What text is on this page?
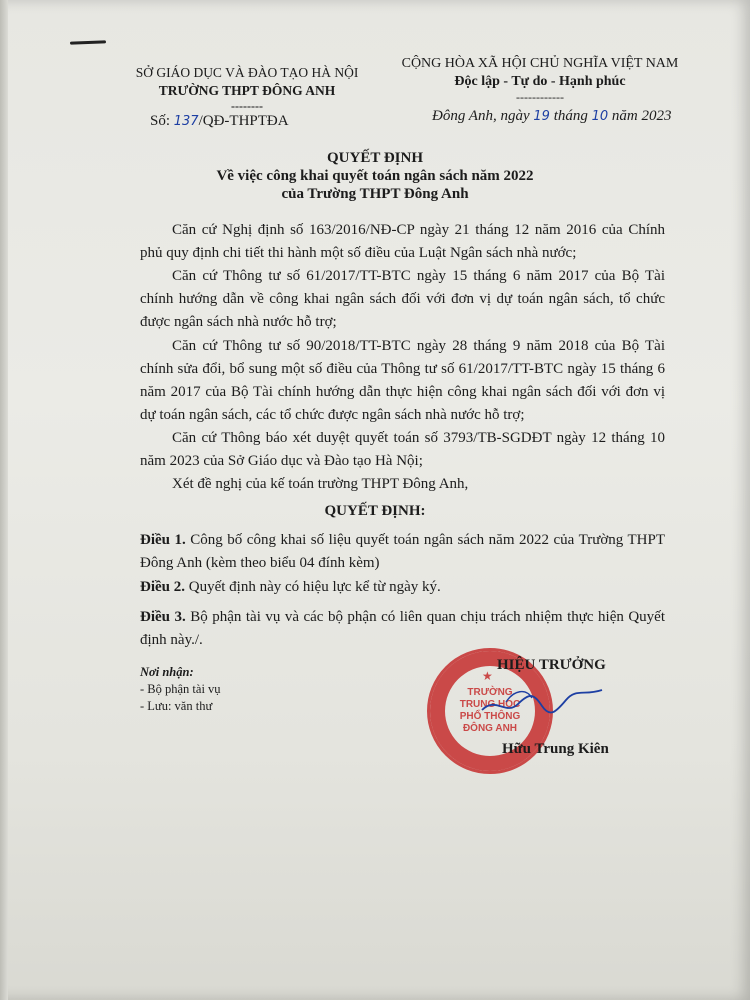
SỞ GIÁO DỤC VÀ ĐÀO TẠO HÀ NỘI
TRƯỜNG THPT ĐÔNG ANH
--------
CỘNG HÒA XÃ HỘI CHỦ NGHĨA VIỆT NAM
Độc lập - Tự do - Hạnh phúc
------------
Số: 137/QĐ-THPTĐA	Đông Anh, ngày 19 tháng 10 năm 2023
QUYẾT ĐỊNH
Về việc công khai quyết toán ngân sách năm 2022
của Trường THPT Đông Anh
Căn cứ Nghị định số 163/2016/NĐ-CP ngày 21 tháng 12 năm 2016 của Chính phủ quy định chi tiết thi hành một số điều của Luật Ngân sách nhà nước;
Căn cứ Thông tư số 61/2017/TT-BTC ngày 15 tháng 6 năm 2017 của Bộ Tài chính hướng dẫn về công khai ngân sách đối với đơn vị dự toán ngân sách, tổ chức được ngân sách nhà nước hỗ trợ;
Căn cứ Thông tư số 90/2018/TT-BTC ngày 28 tháng 9 năm 2018 của Bộ Tài chính sửa đổi, bổ sung một số điều của Thông tư số 61/2017/TT-BTC ngày 15 tháng 6 năm 2017 của Bộ Tài chính hướng dẫn thực hiện công khai ngân sách đối với đơn vị dự toán ngân sách, các tổ chức được ngân sách nhà nước hỗ trợ;
Căn cứ Thông báo xét duyệt quyết toán số 3793/TB-SGDĐT ngày 12 tháng 10 năm 2023 của Sở Giáo dục và Đào tạo Hà Nội;
Xét đề nghị của kế toán trường THPT Đông Anh,
QUYẾT ĐỊNH:
Điều 1. Công bố công khai số liệu quyết toán ngân sách năm 2022 của Trường THPT Đông Anh (kèm theo biểu 04 đính kèm)
Điều 2. Quyết định này có hiệu lực kể từ ngày ký.
Điều 3. Bộ phận tài vụ và các bộ phận có liên quan chịu trách nhiệm thực hiện Quyết định này./.
Nơi nhận:
- Bộ phận tài vụ
- Lưu: văn thư
★
TRƯỜNG
TRUNG HỌC
PHỔ THÔNG
ĐÔNG ANH
HIỆU TRƯỞNG
Hữu Trung Kiên
